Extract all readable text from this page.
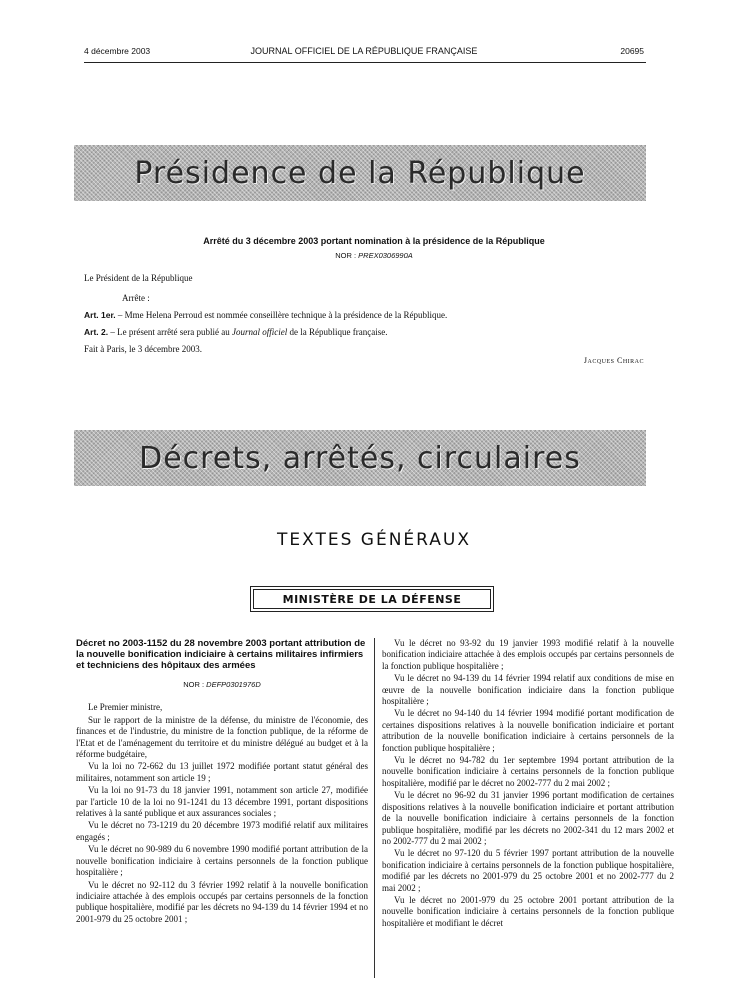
4 décembre 2003	JOURNAL OFFICIEL DE LA RÉPUBLIQUE FRANÇAISE	20695
Présidence de la République
Arrêté du 3 décembre 2003 portant nomination à la présidence de la République
NOR : PREX0306990A

Le Président de la République

Arrête :

Art. 1er. – Mme Helena Perroud est nommée conseillère technique à la présidence de la République.

Art. 2. – Le présent arrêté sera publié au Journal officiel de la République française.

Fait à Paris, le 3 décembre 2003.

Jacques Chirac
Décrets, arrêtés, circulaires
TEXTES GÉNÉRAUX
MINISTÈRE DE LA DÉFENSE

Décret no 2003-1152 du 28 novembre 2003 portant attribution de la nouvelle bonification indiciaire à certains militaires infirmiers et techniciens des hôpitaux des armées

NOR : DEFP0301976D

Le Premier ministre,

Sur le rapport de la ministre de la défense, du ministre de l'économie, des finances et de l'industrie, du ministre de la fonction publique, de la réforme de l'Etat et de l'aménagement du territoire et du ministre délégué au budget et à la réforme budgétaire,

Vu la loi no 72-662 du 13 juillet 1972 modifiée portant statut général des militaires, notamment son article 19 ;

Vu la loi no 91-73 du 18 janvier 1991, notamment son article 27, modifiée par l'article 10 de la loi no 91-1241 du 13 décembre 1991, portant dispositions relatives à la santé publique et aux assurances sociales ;

Vu le décret no 73-1219 du 20 décembre 1973 modifié relatif aux militaires engagés ;

Vu le décret no 90-989 du 6 novembre 1990 modifié portant attribution de la nouvelle bonification indiciaire à certains personnels de la fonction publique hospitalière ;

Vu le décret no 92-112 du 3 février 1992 relatif à la nouvelle bonification indiciaire attachée à des emplois occupés par certains personnels de la fonction publique hospitalière, modifié par les décrets no 94-139 du 14 février 1994 et no 2001-979 du 25 octobre 2001 ;

Vu le décret no 93-92 du 19 janvier 1993 modifié relatif à la nouvelle bonification indiciaire attachée à des emplois occupés par certains personnels de la fonction publique hospitalière ;

Vu le décret no 94-139 du 14 février 1994 relatif aux conditions de mise en œuvre de la nouvelle bonification indiciaire dans la fonction publique hospitalière ;

Vu le décret no 94-140 du 14 février 1994 modifié portant modification de certaines dispositions relatives à la nouvelle bonification indiciaire et portant attribution de la nouvelle bonification indiciaire à certains personnels de la fonction publique hospitalière ;

Vu le décret no 94-782 du 1er septembre 1994 portant attribution de la nouvelle bonification indiciaire à certains personnels de la fonction publique hospitalière, modifié par le décret no 2002-777 du 2 mai 2002 ;

Vu le décret no 96-92 du 31 janvier 1996 portant modification de certaines dispositions relatives à la nouvelle bonification indiciaire et portant attribution de la nouvelle bonification indiciaire à certains personnels de la fonction publique hospitalière, modifié par les décrets no 2002-341 du 12 mars 2002 et no 2002-777 du 2 mai 2002 ;

Vu le décret no 97-120 du 5 février 1997 portant attribution de la nouvelle bonification indiciaire à certains personnels de la fonction publique hospitalière, modifié par les décrets no 2001-979 du 25 octobre 2001 et no 2002-777 du 2 mai 2002 ;

Vu le décret no 2001-979 du 25 octobre 2001 portant attribution de la nouvelle bonification indiciaire à certains personnels de la fonction publique hospitalière et modifiant le décret
